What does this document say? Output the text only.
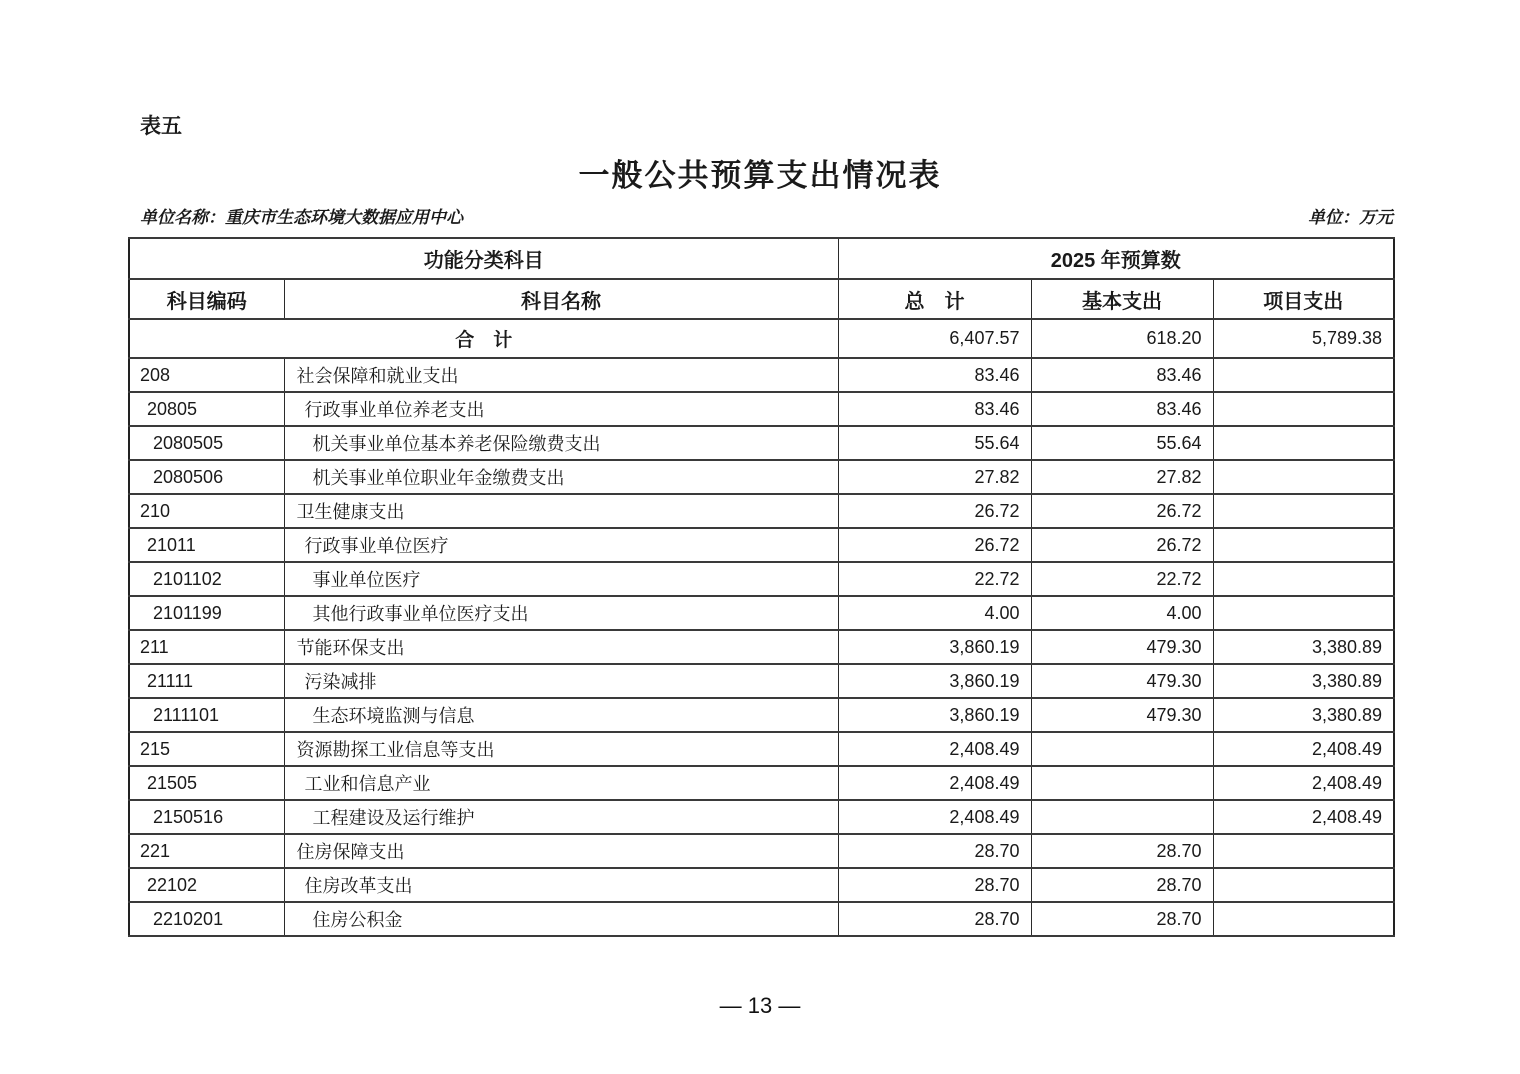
表五
一般公共预算支出情况表
单位名称：重庆市生态环境大数据应用中心	单位：万元
功能分类科目		2025 年预算数		
科目编码	科目名称	总　计	基本支出	项目支出
合　计		6,407.57	618.20	5,789.38
208	社会保障和就业支出	83.46	83.46	
20805	行政事业单位养老支出	83.46	83.46	
2080505	机关事业单位基本养老保险缴费支出	55.64	55.64	
2080506	机关事业单位职业年金缴费支出	27.82	27.82	
210	卫生健康支出	26.72	26.72	
21011	行政事业单位医疗	26.72	26.72	
2101102	事业单位医疗	22.72	22.72	
2101199	其他行政事业单位医疗支出	4.00	4.00	
211	节能环保支出	3,860.19	479.30	3,380.89
21111	污染减排	3,860.19	479.30	3,380.89
2111101	生态环境监测与信息	3,860.19	479.30	3,380.89
215	资源勘探工业信息等支出	2,408.49		2,408.49
21505	工业和信息产业	2,408.49		2,408.49
2150516	工程建设及运行维护	2,408.49		2,408.49
221	住房保障支出	28.70	28.70	
22102	住房改革支出	28.70	28.70	
2210201	住房公积金	28.70	28.70	
— 13 —
